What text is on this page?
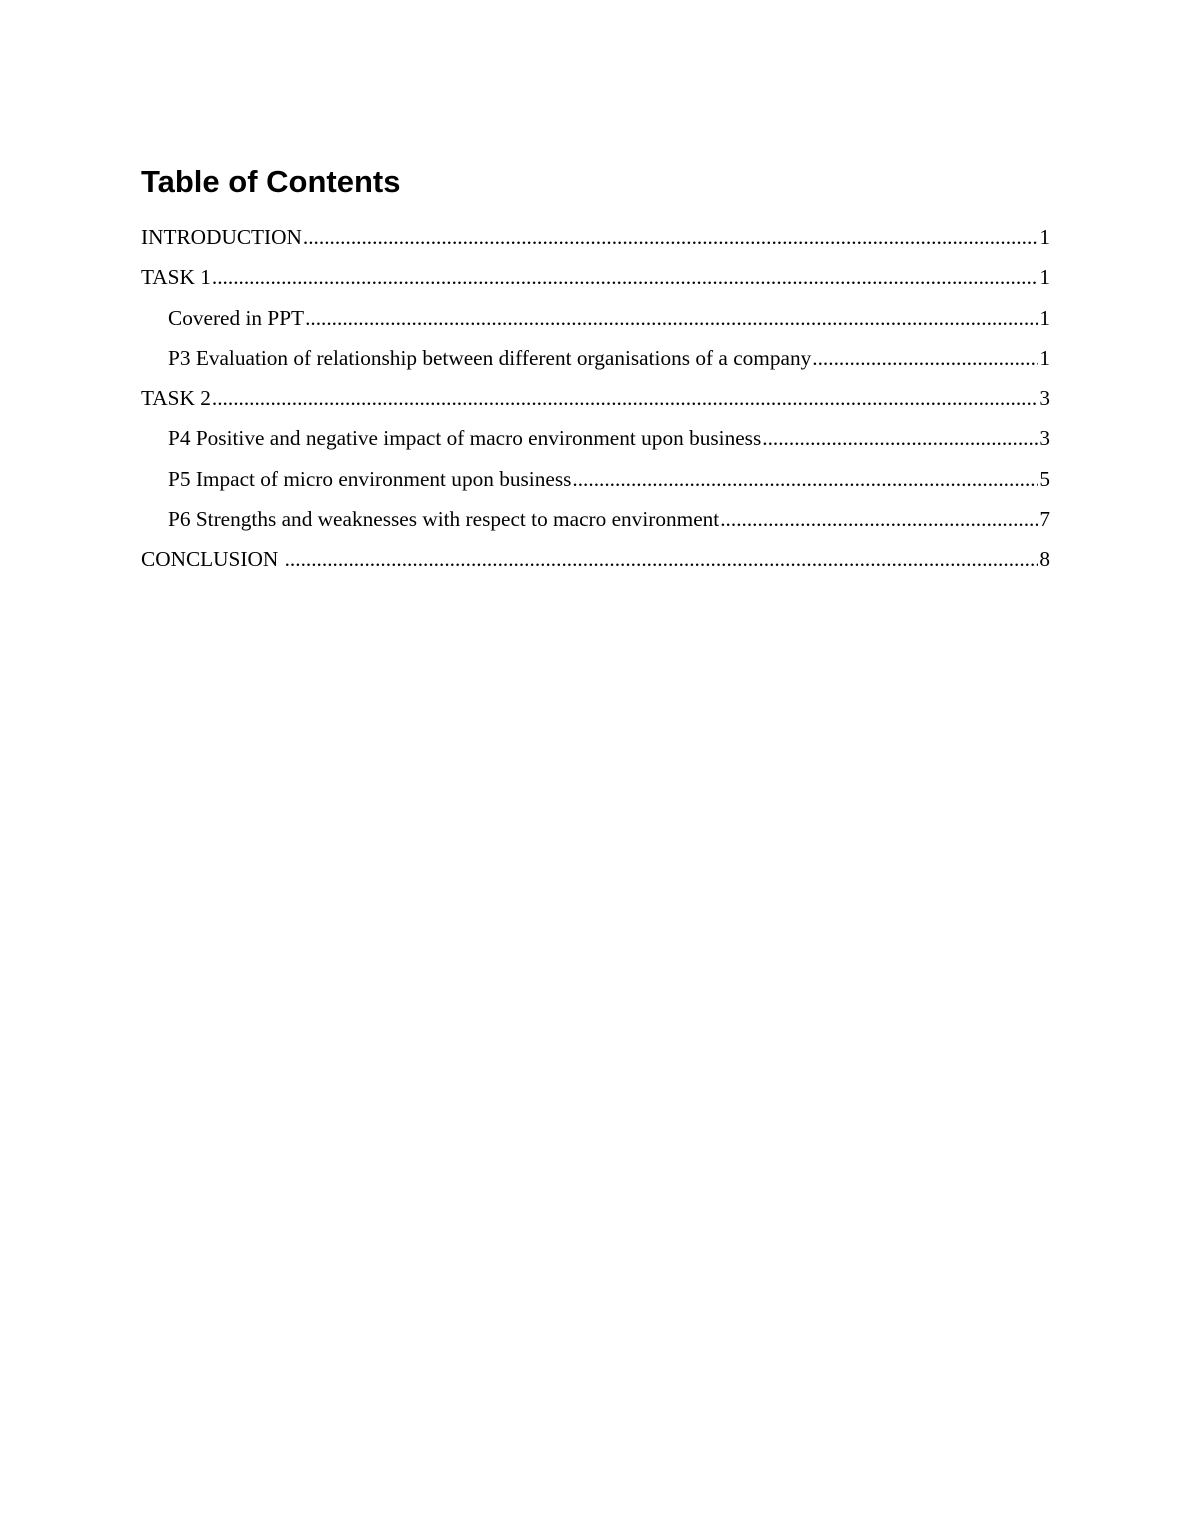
Table of Contents
INTRODUCTION .....	1
TASK 1 .....	1
Covered in PPT .....	1
P3 Evaluation of relationship between different organisations of a company .....	1
TASK 2 .....	3
P4 Positive and negative impact of macro environment upon business .....	3
P5 Impact of micro environment upon business .....	5
P6 Strengths and weaknesses with respect to macro environment .....	7
CONCLUSION .....	8
